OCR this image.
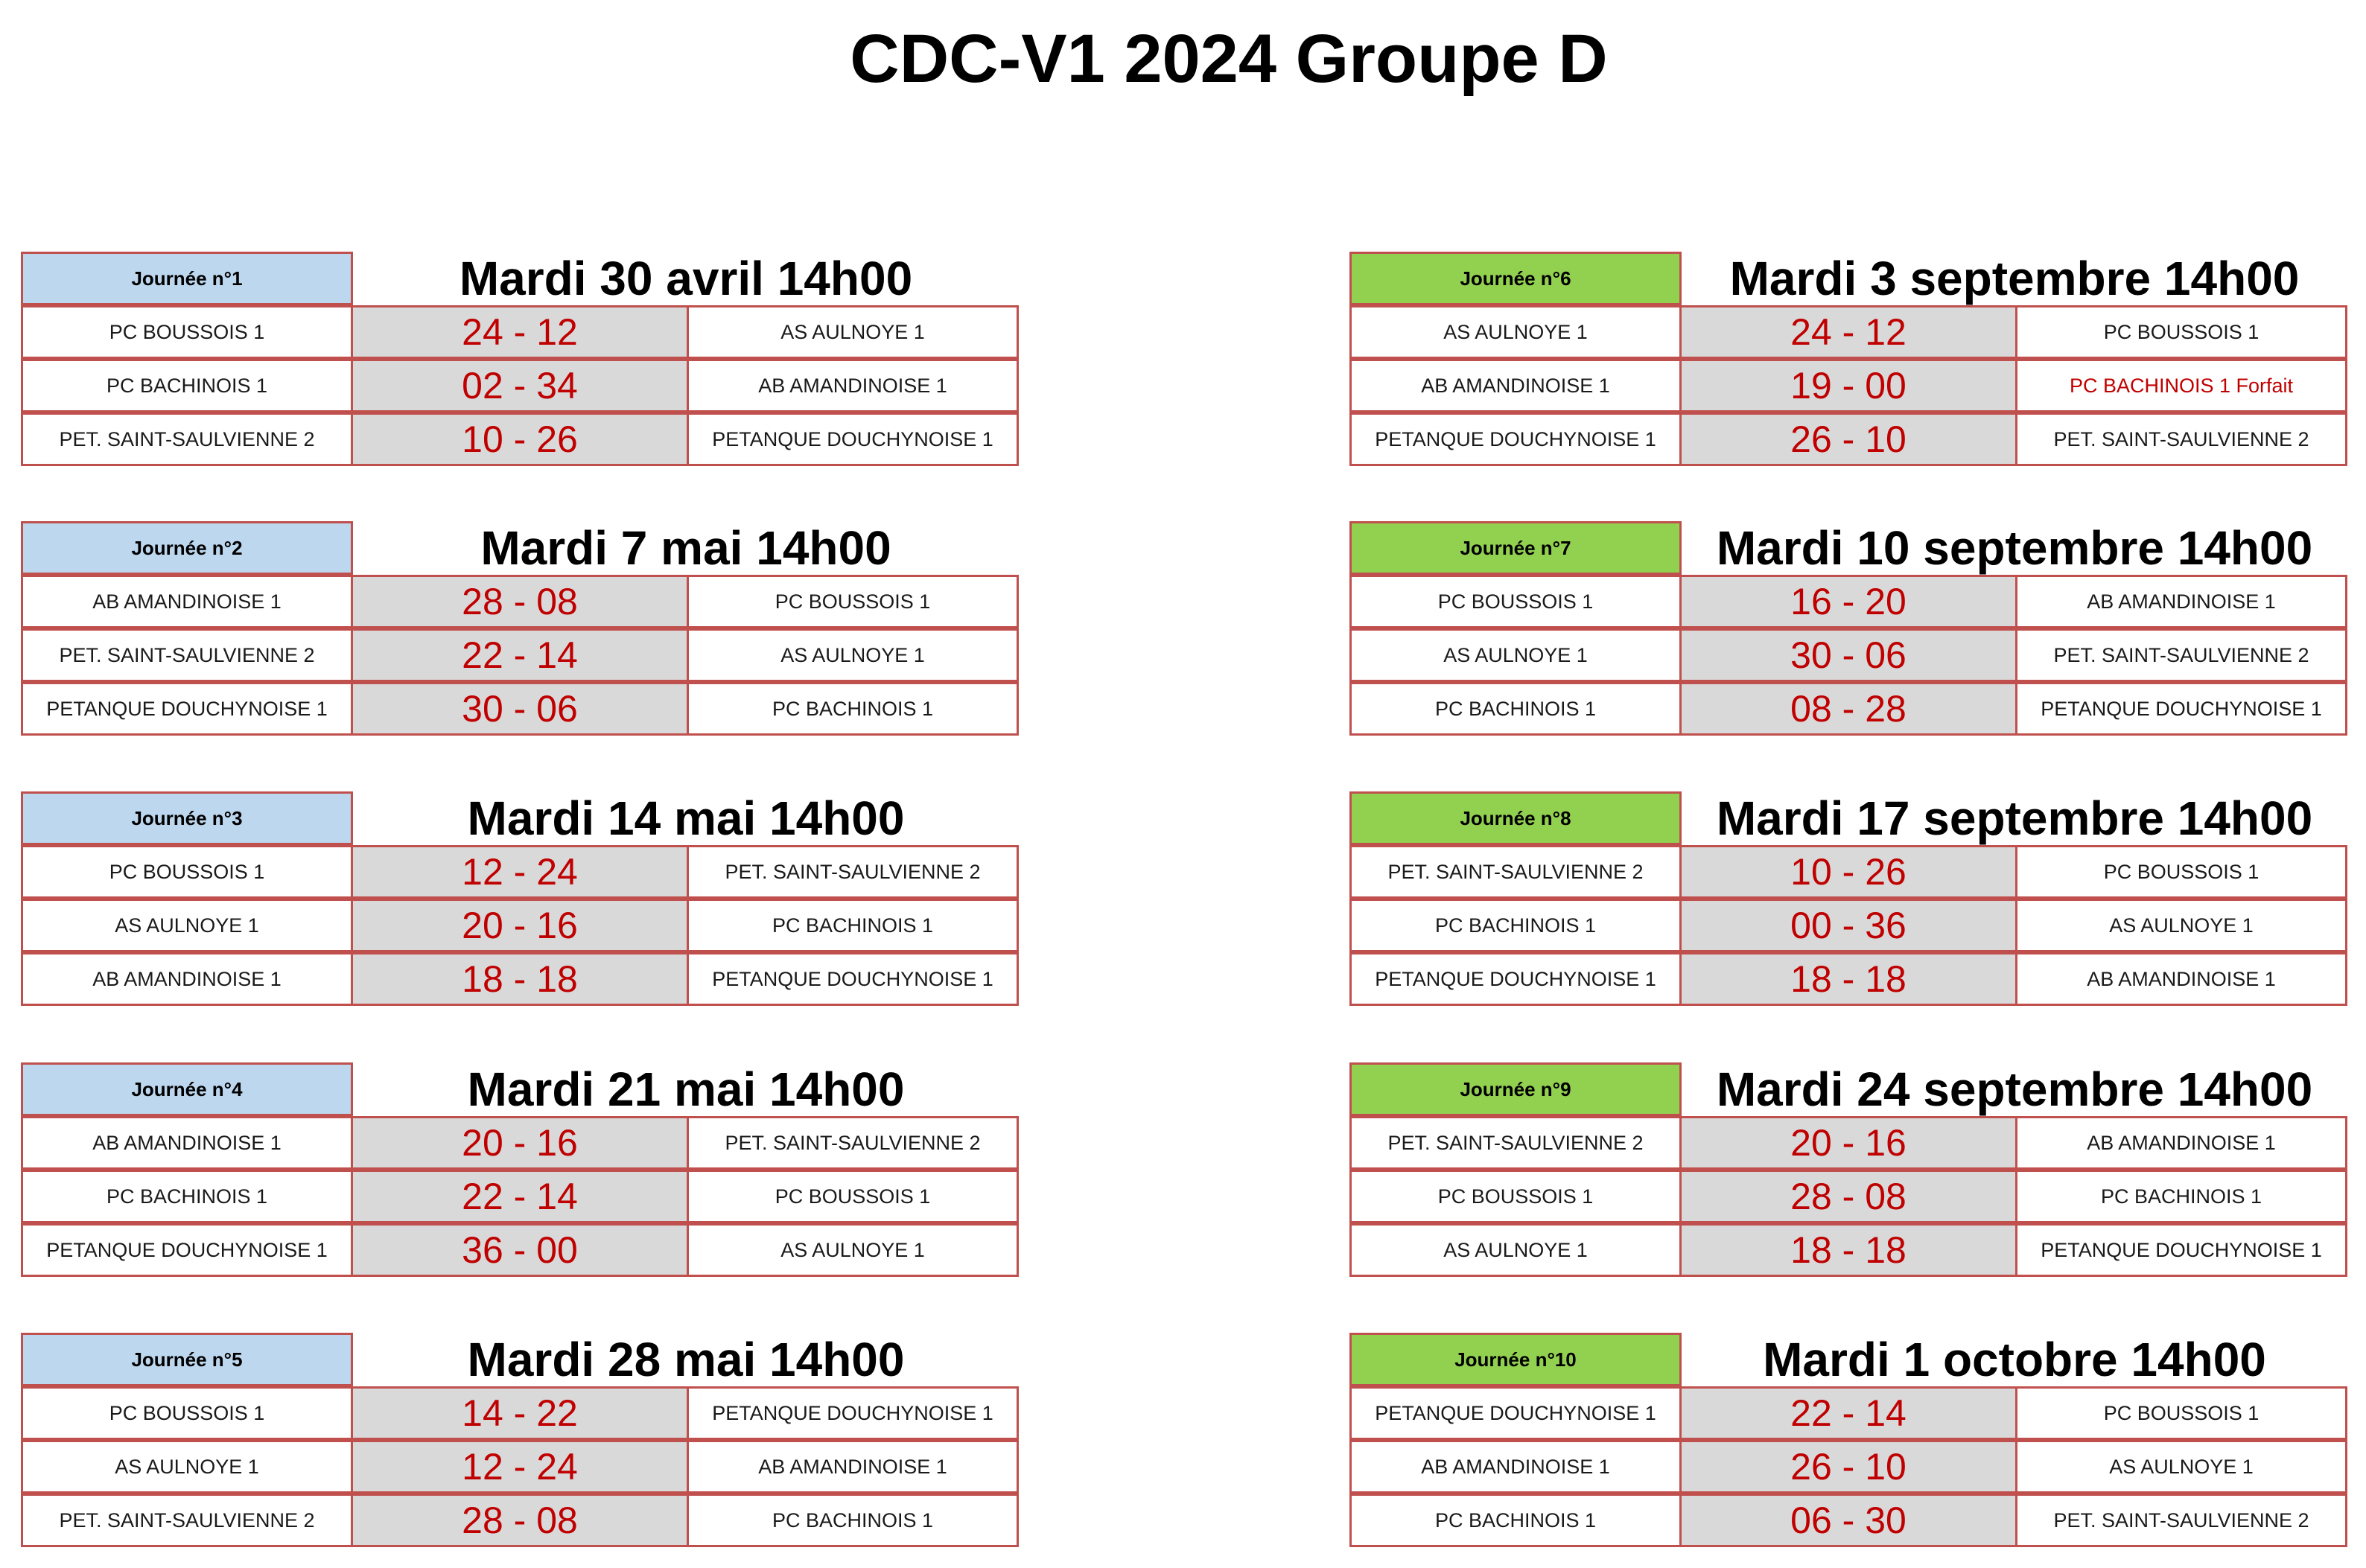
CDC-V1 2024 Groupe D
Journée n°1	Mardi 30 avril 14h00
PC BOUSSOIS 1	24 - 12	AS AULNOYE 1
PC BACHINOIS 1	02 - 34	AB AMANDINOISE 1
PET. SAINT-SAULVIENNE 2	10 - 26	PETANQUE DOUCHYNOISE 1
Journée n°2	Mardi 7 mai 14h00
AB AMANDINOISE 1	28 - 08	PC BOUSSOIS 1
PET. SAINT-SAULVIENNE 2	22 - 14	AS AULNOYE 1
PETANQUE DOUCHYNOISE 1	30 - 06	PC BACHINOIS 1
Journée n°3	Mardi 14 mai 14h00
PC BOUSSOIS 1	12 - 24	PET. SAINT-SAULVIENNE 2
AS AULNOYE 1	20 - 16	PC BACHINOIS 1
AB AMANDINOISE 1	18 - 18	PETANQUE DOUCHYNOISE 1
Journée n°4	Mardi 21 mai 14h00
AB AMANDINOISE 1	20 - 16	PET. SAINT-SAULVIENNE 2
PC BACHINOIS 1	22 - 14	PC BOUSSOIS 1
PETANQUE DOUCHYNOISE 1	36 - 00	AS AULNOYE 1
Journée n°5	Mardi 28 mai 14h00
PC BOUSSOIS 1	14 - 22	PETANQUE DOUCHYNOISE 1
AS AULNOYE 1	12 - 24	AB AMANDINOISE 1
PET. SAINT-SAULVIENNE 2	28 - 08	PC BACHINOIS 1
Journée n°6	Mardi 3 septembre 14h00
AS AULNOYE 1	24 - 12	PC BOUSSOIS 1
AB AMANDINOISE 1	19 - 00	PC BACHINOIS 1 Forfait
PETANQUE DOUCHYNOISE 1	26 - 10	PET. SAINT-SAULVIENNE 2
Journée n°7	Mardi 10 septembre 14h00
PC BOUSSOIS 1	16 - 20	AB AMANDINOISE 1
AS AULNOYE 1	30 - 06	PET. SAINT-SAULVIENNE 2
PC BACHINOIS 1	08 - 28	PETANQUE DOUCHYNOISE 1
Journée n°8	Mardi 17 septembre 14h00
PET. SAINT-SAULVIENNE 2	10 - 26	PC BOUSSOIS 1
PC BACHINOIS 1	00 - 36	AS AULNOYE 1
PETANQUE DOUCHYNOISE 1	18 - 18	AB AMANDINOISE 1
Journée n°9	Mardi 24 septembre 14h00
PET. SAINT-SAULVIENNE 2	20 - 16	AB AMANDINOISE 1
PC BOUSSOIS 1	28 - 08	PC BACHINOIS 1
AS AULNOYE 1	18 - 18	PETANQUE DOUCHYNOISE 1
Journée n°10	Mardi 1 octobre 14h00
PETANQUE DOUCHYNOISE 1	22 - 14	PC BOUSSOIS 1
AB AMANDINOISE 1	26 - 10	AS AULNOYE 1
PC BACHINOIS 1	06 - 30	PET. SAINT-SAULVIENNE 2
